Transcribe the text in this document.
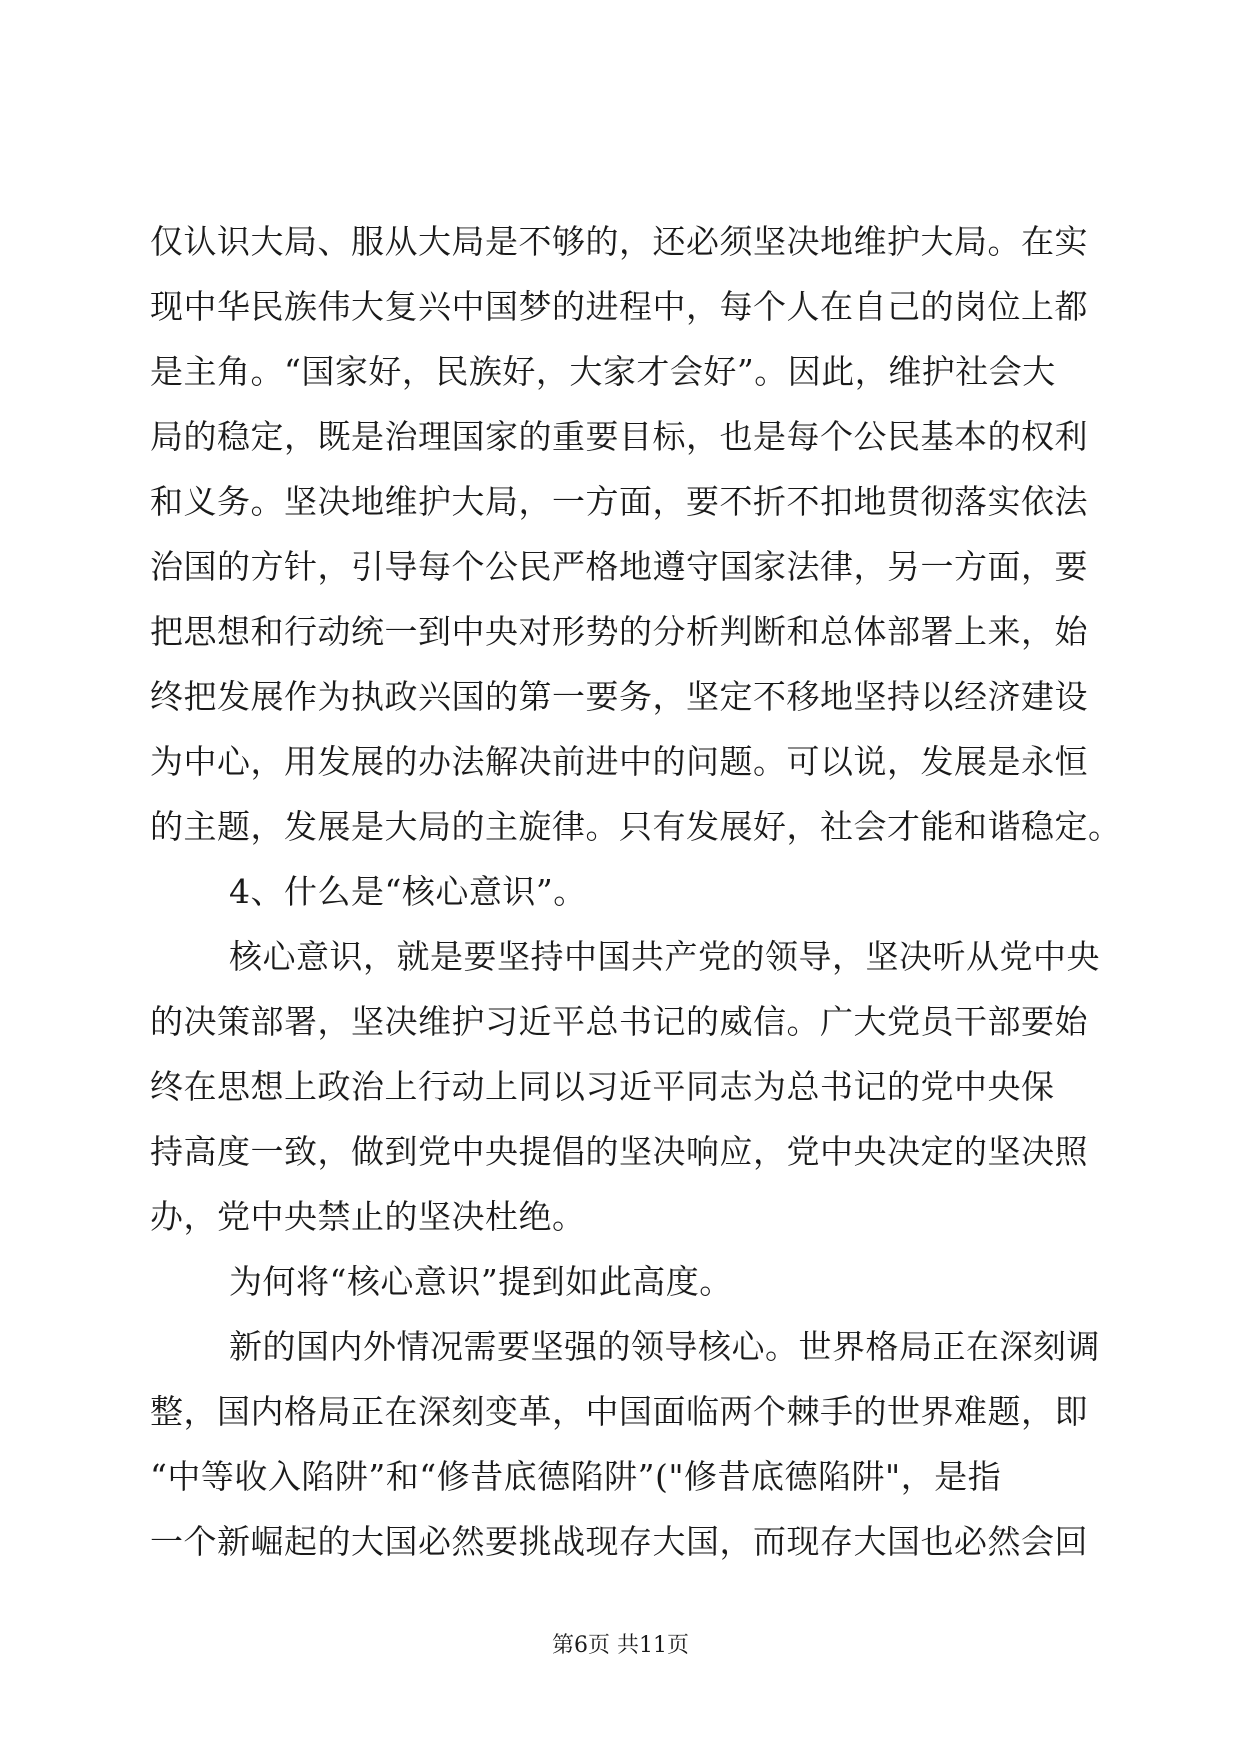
仅认识大局、服从大局是不够的，还必须坚决地维护大局。在实
现中华民族伟大复兴中国梦的进程中，每个人在自己的岗位上都
是主角。“国家好，民族好，大家才会好”。因此，维护社会大
局的稳定，既是治理国家的重要目标，也是每个公民基本的权利
和义务。坚决地维护大局，一方面，要不折不扣地贯彻落实依法
治国的方针，引导每个公民严格地遵守国家法律，另一方面，要
把思想和行动统一到中央对形势的分析判断和总体部署上来，始
终把发展作为执政兴国的第一要务，坚定不移地坚持以经济建设
为中心，用发展的办法解决前进中的问题。可以说，发展是永恒
的主题，发展是大局的主旋律。只有发展好，社会才能和谐稳定。
4、什么是“核心意识”。
核心意识，就是要坚持中国共产党的领导，坚决听从党中央
的决策部署，坚决维护习近平总书记的威信。广大党员干部要始
终在思想上政治上行动上同以习近平同志为总书记的党中央保
持高度一致，做到党中央提倡的坚决响应，党中央决定的坚决照
办，党中央禁止的坚决杜绝。
为何将“核心意识”提到如此高度。
新的国内外情况需要坚强的领导核心。世界格局正在深刻调
整，国内格局正在深刻变革，中国面临两个棘手的世界难题，即
“中等收入陷阱”和“修昔底德陷阱”("修昔底德陷阱"，是指
一个新崛起的大国必然要挑战现存大国，而现存大国也必然会回
第6页 共11页
